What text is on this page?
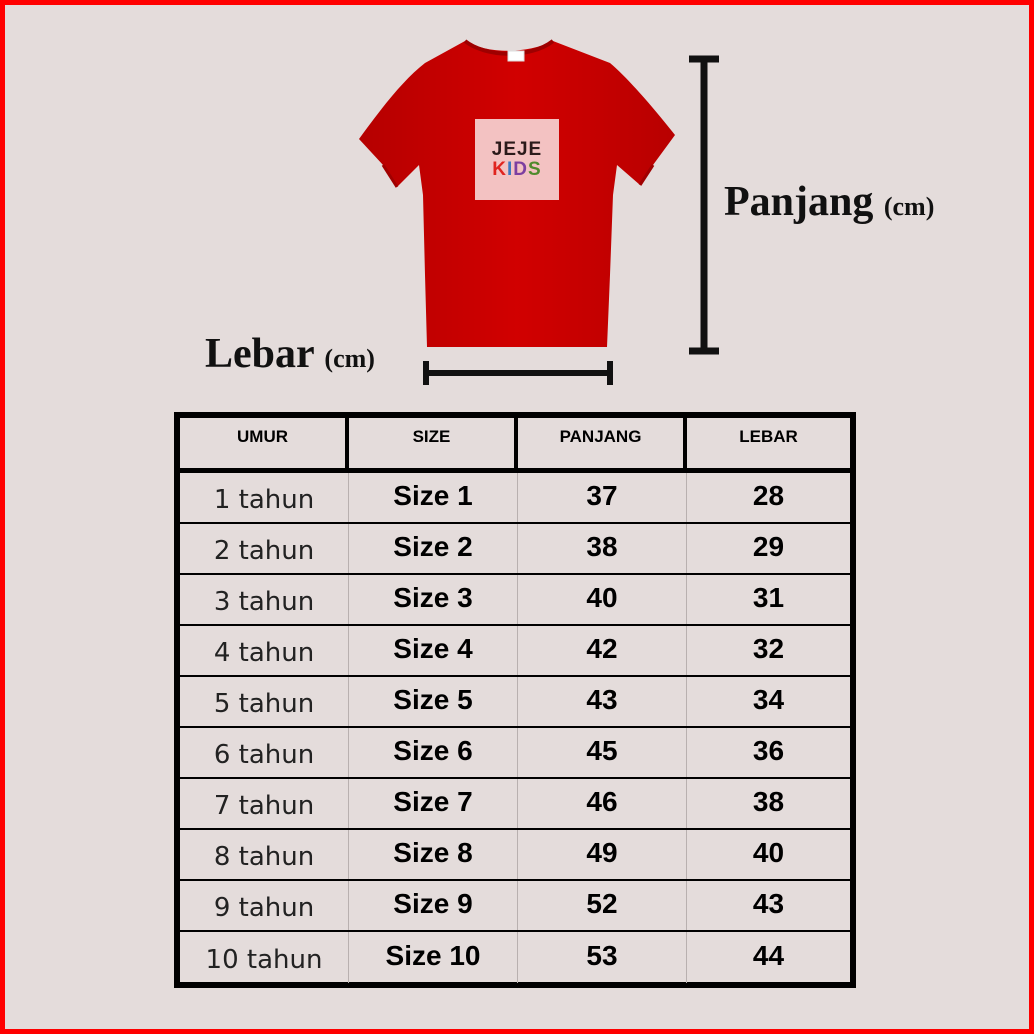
JEJE
KIDS
Panjang (cm)
Lebar (cm)
UMUR	SIZE	PANJANG	LEBAR
1 tahun	Size 1	37	28
2 tahun	Size 2	38	29
3 tahun	Size 3	40	31
4 tahun	Size 4	42	32
5 tahun	Size 5	43	34
6 tahun	Size 6	45	36
7 tahun	Size 7	46	38
8 tahun	Size 8	49	40
9 tahun	Size 9	52	43
10 tahun	Size 10	53	44
